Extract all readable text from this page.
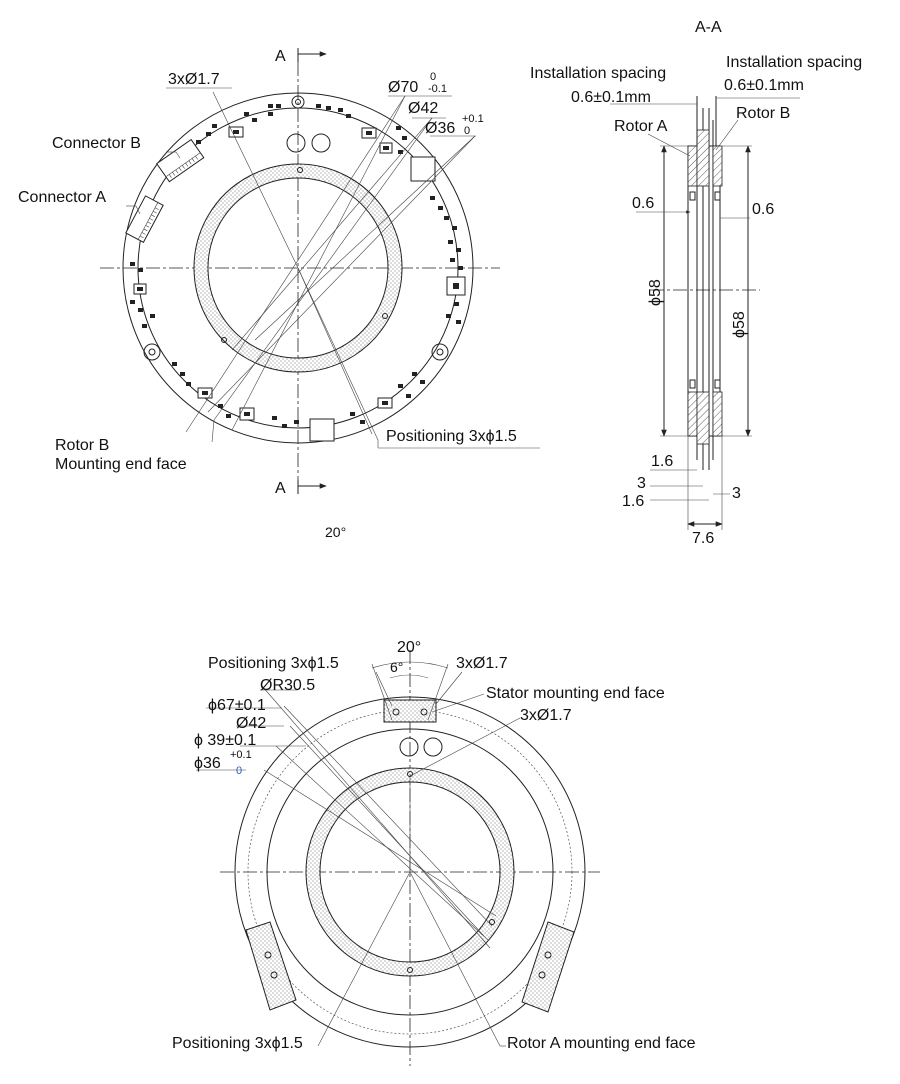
A
A
3xØ1.7
Connector B
Connector A
Ø70
0
-0.1
Ø42
Ø36
+0.1
0
Rotor B
Mounting end face
Positioning 3xϕ1.5
20°
A-A
ϕ58
ϕ58
0.6	0.6
Installation spacing
0.6±0.1mm
Installation spacing
0.6±0.1mm
Rotor A
Rotor B
1.6
3
1.6	3
7.6
20°
6°
Positioning 3xϕ1.5	3xØ1.7
ØR30.5	Stator mounting end face
ϕ67±0.1
3xØ1.7
Ø42
ϕ 39±0.1
ϕ36 +0.1
0
Positioning 3xϕ1.5	Rotor A mounting end face
